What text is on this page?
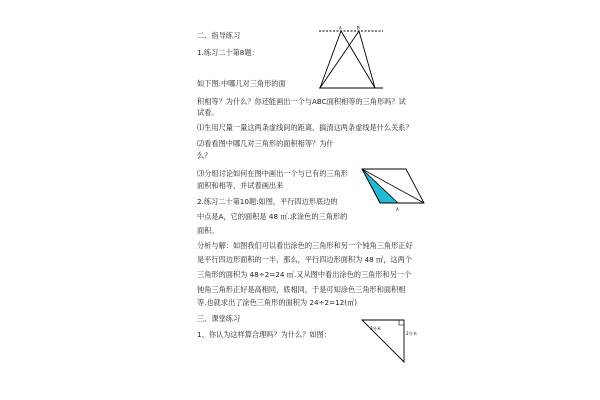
二、指导练习
1.练习二十第8题：
如下图:中哪几对三角形的面
积相等？为什么？你还能画出一个与ABC面积相等的三角形吗？试
试看。
⑴生用尺量一量这两条虚线间的距离，搞清这两条虚线是什么关系？
⑵看看图中哪几对三角形的面积相等？为什
么？
⑶分组讨论如何在图中画出一个与已有的三角形
面积和相等，并试着画出来
A	B
2.练习二十第10题:如图，平行四边形底边的
中点是A，它的面积是 48 ㎡.求涂色的三角形的
面积。
A
分析与解：如图我们可以看出涂色的三角形和另一个钝角三角形正好
是平行四边形面积的一半，那么，平行四边形面积为 48 ㎡，这两个
三角形的面积为 48÷2=24 ㎡.又从图中看出涂色的三角形和另一个
钝角三角形正好是高相同，底相同，于是可知涂色三角形和面积相
等.也就求出了涂色三角形的面积为 24÷2=12(㎡)
三、课堂练习
1、你认为这样算合理吗？为什么？如图：
3分米
2分米
